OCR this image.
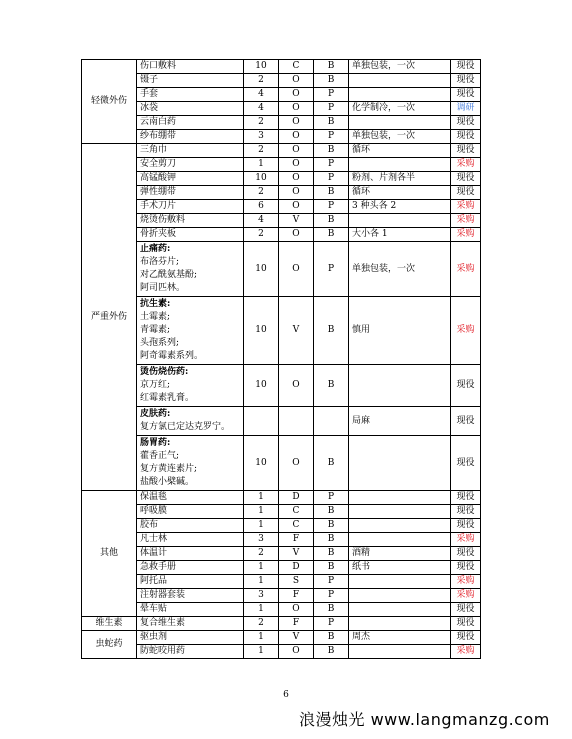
轻微外伤	伤口敷料	10	C	B	单独包装，一次	现役
	镊子	2	O	B		现役
	手套	4	O	P		现役
	冰袋	4	O	P	化学制冷，一次	调研
	云南白药	2	O	B		现役
	纱布绷带	3	O	P	单独包装，一次	现役
严重外伤	三角巾	2	O	B	循环	现役
	安全剪刀	1	O	P		采购
	高锰酸钾	10	O	P	粉剂、片剂各半	现役
	弹性绷带	2	O	B	循环	现役
	手术刀片	6	O	P	3 种头各 2	采购
	烧烫伤敷料	4	V	B		采购
	骨折夹板	2	O	B	大小各 1	采购

	止痛药:
布洛芬片;
对乙酰氨基酚;
阿司匹林。	10	O	P	单独包装，一次	采购

	抗生素:
土霉素;
青霉素;
头孢系列;
阿奇霉素系列。	10	V	B	慎用	采购

	烫伤烧伤药:
京万红;
红霉素乳膏。	10	O	B		现役

	皮肤药:
复方氯已定达克罗宁。				局麻	现役

	肠胃药:
藿香正气;
复方黄连素片;
盐酸小檗碱。	10	O	B		现役
其他	保温毯	1	D	P		现役
	呼吸膜	1	C	B		现役
	胶布	1	C	B		现役
	凡士林	3	F	B		采购
	体温计	2	V	B	酒精	现役
	急救手册	1	D	B	纸书	现役
	阿托品	1	S	P		采购
	注射器套装	3	F	P		采购
	晕车贴	1	O	B		现役
维生素	复合维生素	2	F	P		现役
虫蛇药	驱虫剂	1	V	B	周杰	现役
	防蛇咬用药	1	O	B		采购
6
浪漫烛光 www.langmanzg.com
